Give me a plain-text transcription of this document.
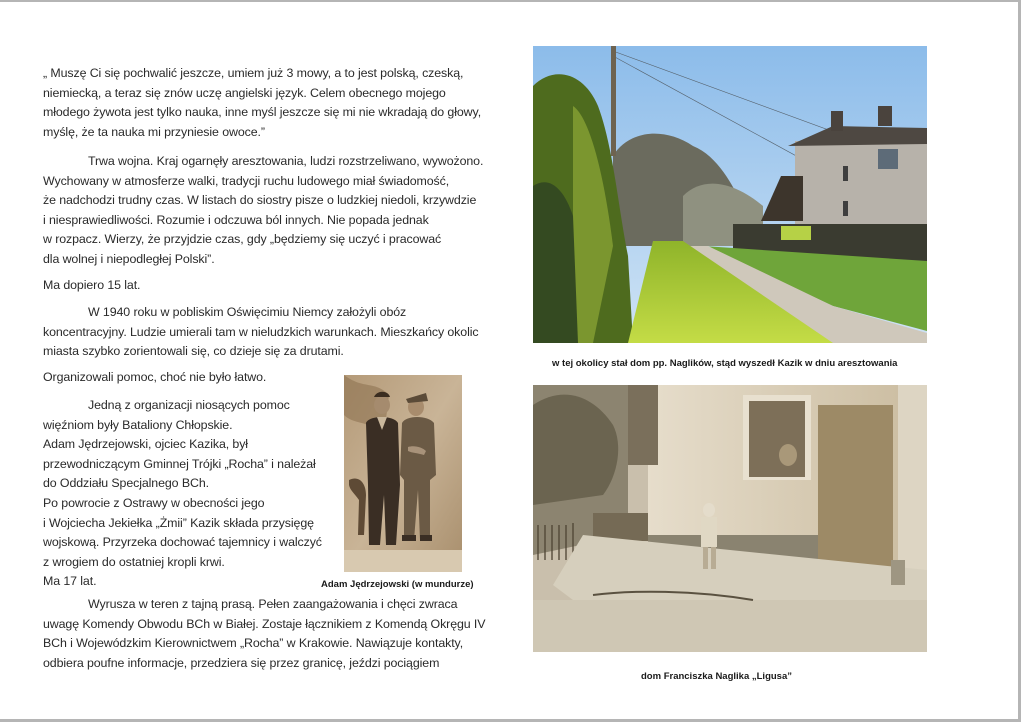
„ Muszę Ci się pochwalić jeszcze, umiem już 3 mowy, a to jest polską, czeską,

niemiecką, a teraz się znów uczę angielski język. Celem obecnego mojego

młodego żywota jest tylko nauka, inne myśl jeszcze się mi nie wkradają do głowy,

myślę, że ta nauka mi przyniesie owoce.”

Trwa wojna. Kraj ogarnęły aresztowania, ludzi rozstrzeliwano, wywożono.

Wychowany w atmosferze walki, tradycji ruchu ludowego miał świadomość,

że nadchodzi trudny czas. W listach do siostry pisze o ludzkiej niedoli, krzywdzie

i niesprawiedliwości. Rozumie i odczuwa ból innych. Nie popada jednak

w rozpacz. Wierzy, że przyjdzie czas, gdy „będziemy się uczyć i pracować

dla wolnej i niepodległej Polski”.

Ma dopiero 15 lat.

W 1940 roku w pobliskim Oświęcimiu Niemcy założyli obóz

koncentracyjny. Ludzie umierali tam w nieludzkich warunkach. Mieszkańcy okolic

miasta szybko zorientowali się, co dzieje się za drutami.

Organizowali pomoc, choć nie było łatwo.

Jedną z organizacji niosących pomoc

więźniom były Bataliony Chłopskie.

Adam Jędrzejowski, ojciec Kazika, był

przewodniczącym Gminnej Trójki „Rocha” i należał

do Oddziału Specjalnego BCh.

Po powrocie z Ostrawy w obecności jego

i Wojciecha Jekiełka „Żmii” Kazik składa przysięgę

wojskową. Przyrzeka dochować tajemnicy i walczyć

z wrogiem do ostatniej kropli krwi.

Ma 17 lat.	Adam Jędrzejowski (w mundurze)

Wyrusza w teren z tajną prasą. Pełen zaangażowania i chęci zwraca

uwagę Komendy Obwodu BCh w Białej. Zostaje łącznikiem z Komendą Okręgu IV

BCh i Wojewódzkim Kierownictwem „Rocha” w Krakowie. Nawiązuje kontakty,

odbiera poufne informacje, przedziera się przez granicę, jeździ pociągiem

w tej okolicy stał dom pp. Naglików, stąd wyszedł Kazik w dniu aresztowania
dom Franciszka Naglika „Ligusa”
